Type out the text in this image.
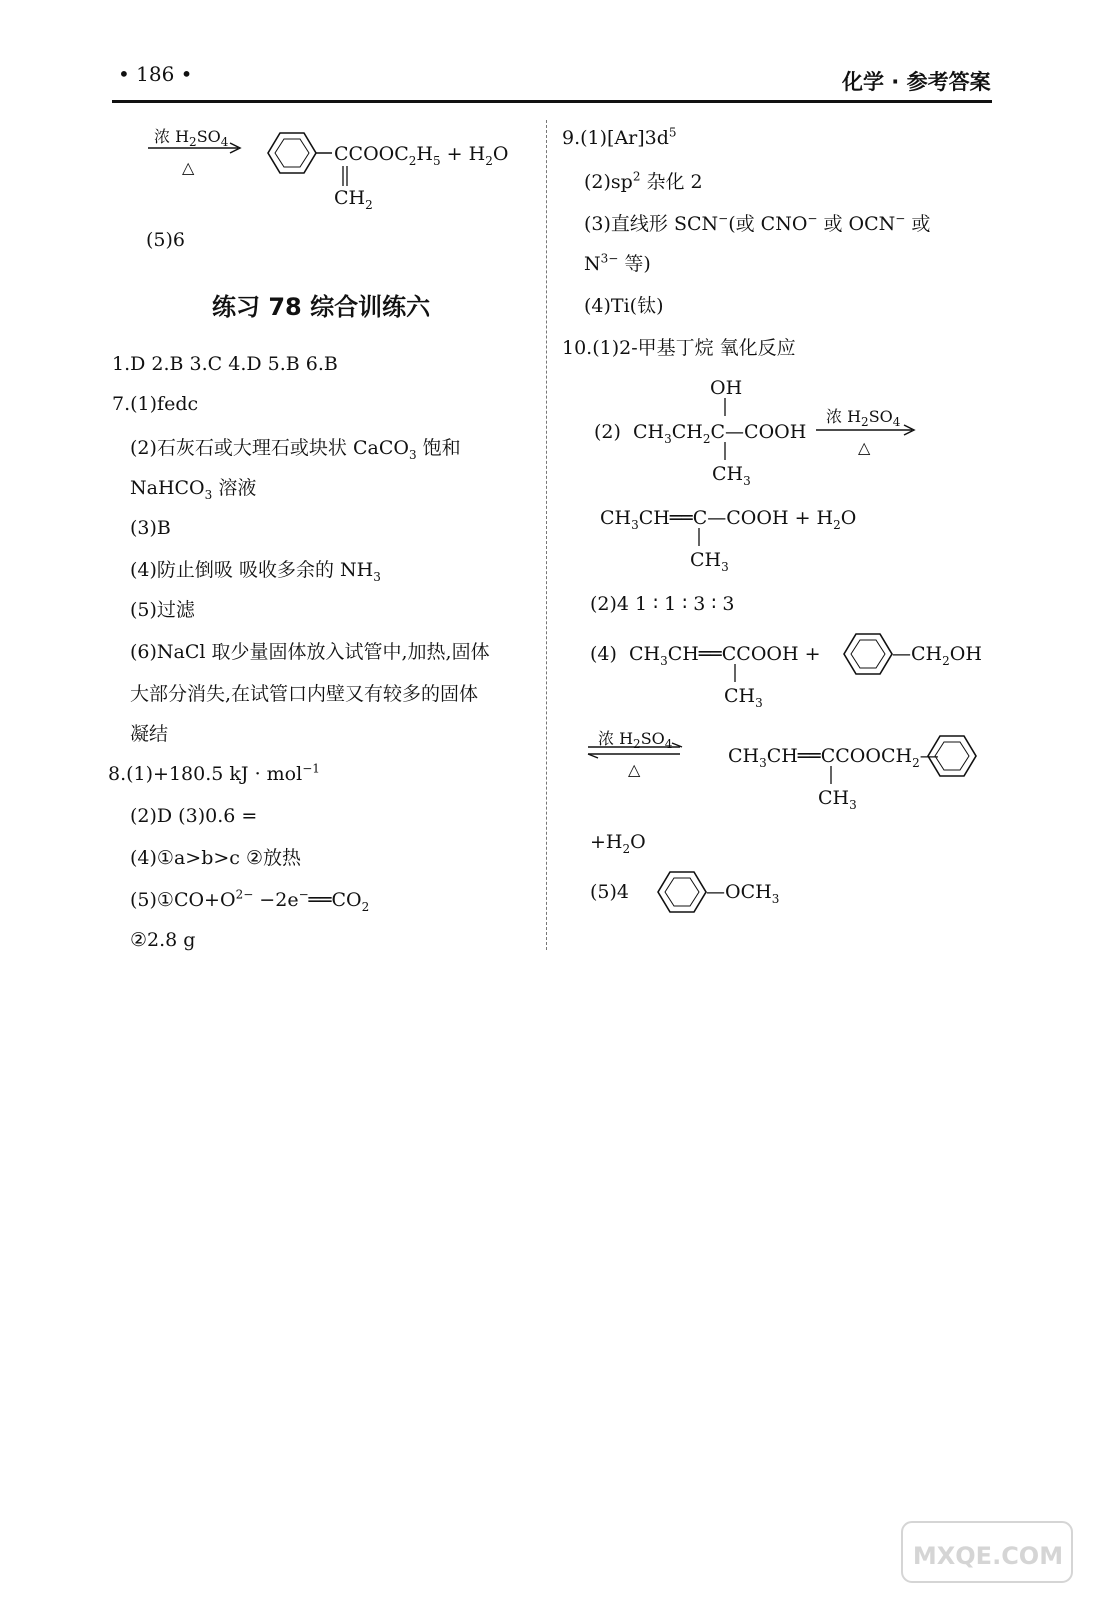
• 186 •	化学 · 参考答案
浓 $H_2SO_4$
△
$CCOOC_2H_5 + H_2O$
$CH_2$
(5)6
练习 78 综合训练六
1.D 2.B 3.C 4.D 5.B 6.B
7.(1)fedc
(2)石灰石或大理石或块状 CaCO$_3$ 饱和
NaHCO$_3$ 溶液
(3)B
(4)防止倒吸 吸收多余的 $NH_3$
(5)过滤
(6)NaCl 取少量固体放入试管中,加热,固体
大部分消失,在试管口内壁又有较多的固体
凝结
8.(1)+180.5 kJ · mol$^{-1}$
(2)D (3)0.6 =
(4)①a>b>c ②放热
$(5)①CO+O^{2-}$ $-2e^-══CO_2$
②2.8 g
$9.(1)[Ar]3d^5$
$(2)sp^2$ 杂化 2
(3)直线形 SCN−(或 CNO− 或 OCN− 或
$N^{3-}$ 等)
(4)Ti(钛)
10.(1)2-甲基丁烷 氧化反应
OH
(2) $CH_3CH_2C—COOH$
$CH_3$
浓 $H_2SO_4$
△
$CH_3CH══C—COOH + H_2O$
$CH_3$
(2)4 1 ∶ 1 ∶ 3 ∶ 3
(4) $CH_3CH══CCOOH$ +	$—CH_2OH$
$CH_3$
浓 $H_2SO_4$
△
$CH_3CH══CCOOCH_2—$
$CH_3$
$+H_2O$
(5)4	$—OCH_3$
MXQE.COM
